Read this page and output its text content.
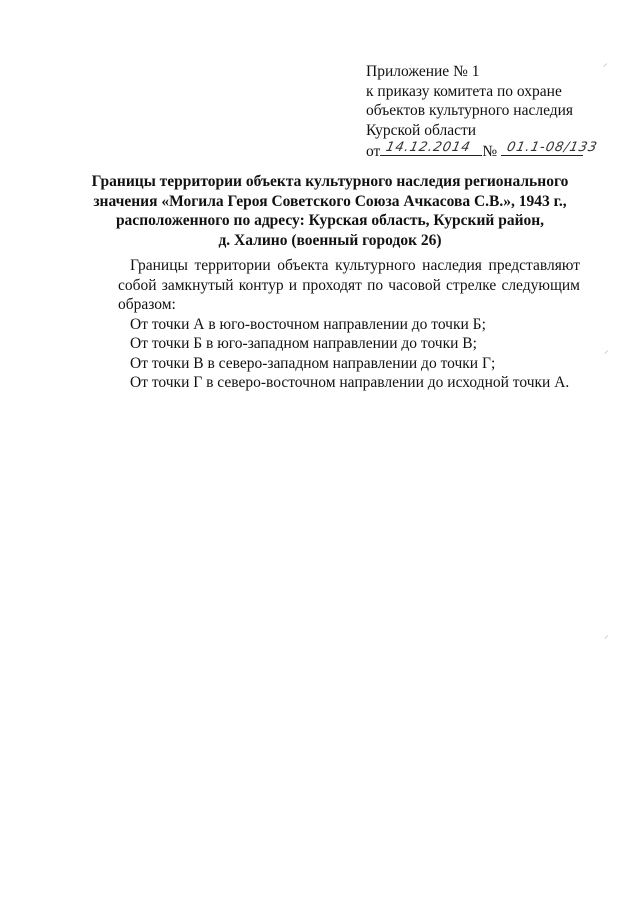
Приложение № 1
к приказу комитета по охране
объектов культурного наследия
Курской области
от 14.12.2014 № 01.1-08/133
Границы территории объекта культурного наследия регионального
значения «Могила Героя Советского Союза Ачкасова С.В.», 1943 г.,
расположенного по адресу: Курская область, Курский район,
д. Халино (военный городок 26)

Границы территории объекта культурного наследия представляют собой замкнутый контур и проходят по часовой стрелке следующим образом:

От точки А в юго-восточном направлении до точки Б;

От точки Б в юго-западном направлении до точки В;

От точки В в северо-западном направлении до точки Г;

От точки Г в северо-восточном направлении до исходной точки А.

⸝
⸝
⸝
